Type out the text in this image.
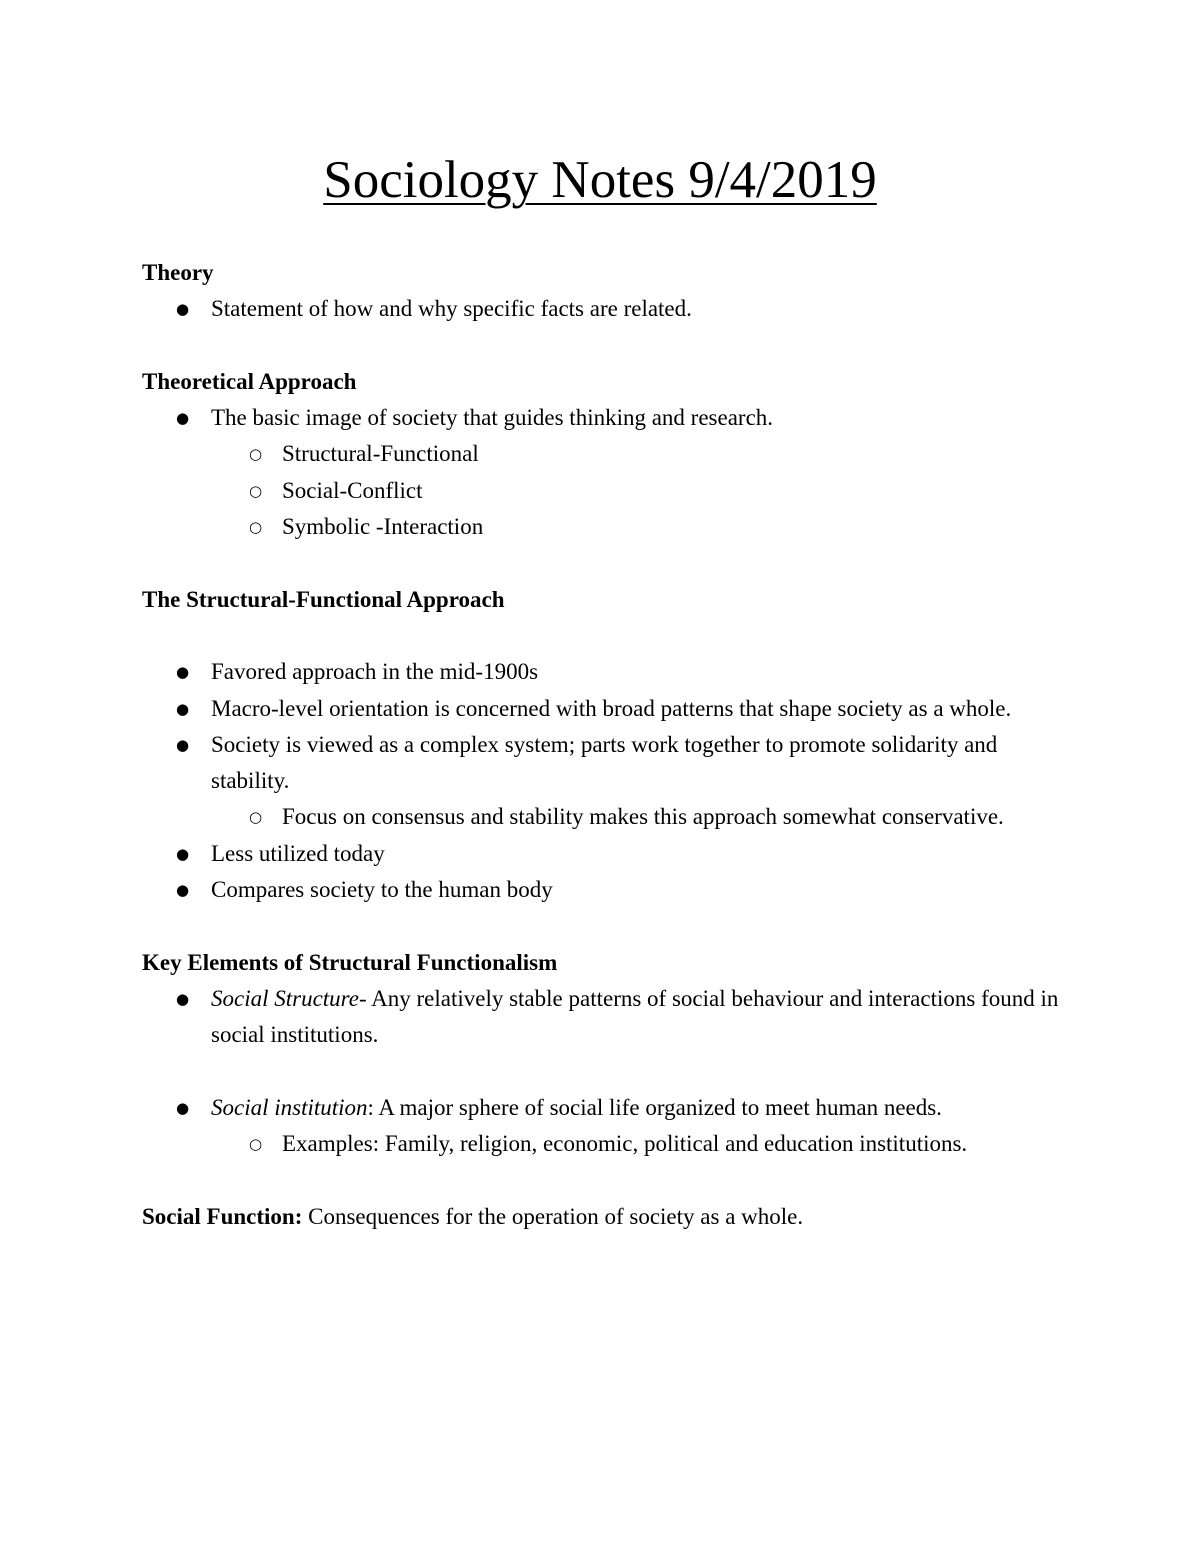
Sociology Notes 9/4/2019

Theory

● Statement of how and why specific facts are related.

Theoretical Approach

● The basic image of society that guides thinking and research.
○ Structural-Functional
○ Social-Conflict
○ Symbolic -Interaction

The Structural-Functional Approach

● Favored approach in the mid-1900s
● Macro-level orientation is concerned with broad patterns that shape society as a whole.
● Society is viewed as a complex system; parts work together to promote solidarity and stability.
○ Focus on consensus and stability makes this approach somewhat conservative.
● Less utilized today
● Compares society to the human body

Key Elements of Structural Functionalism

● Social Structure- Any relatively stable patterns of social behaviour and interactions found in social institutions.
● Social institution: A major sphere of social life organized to meet human needs.
○ Examples: Family, religion, economic, political and education institutions.

Social Function: Consequences for the operation of society as a whole.
